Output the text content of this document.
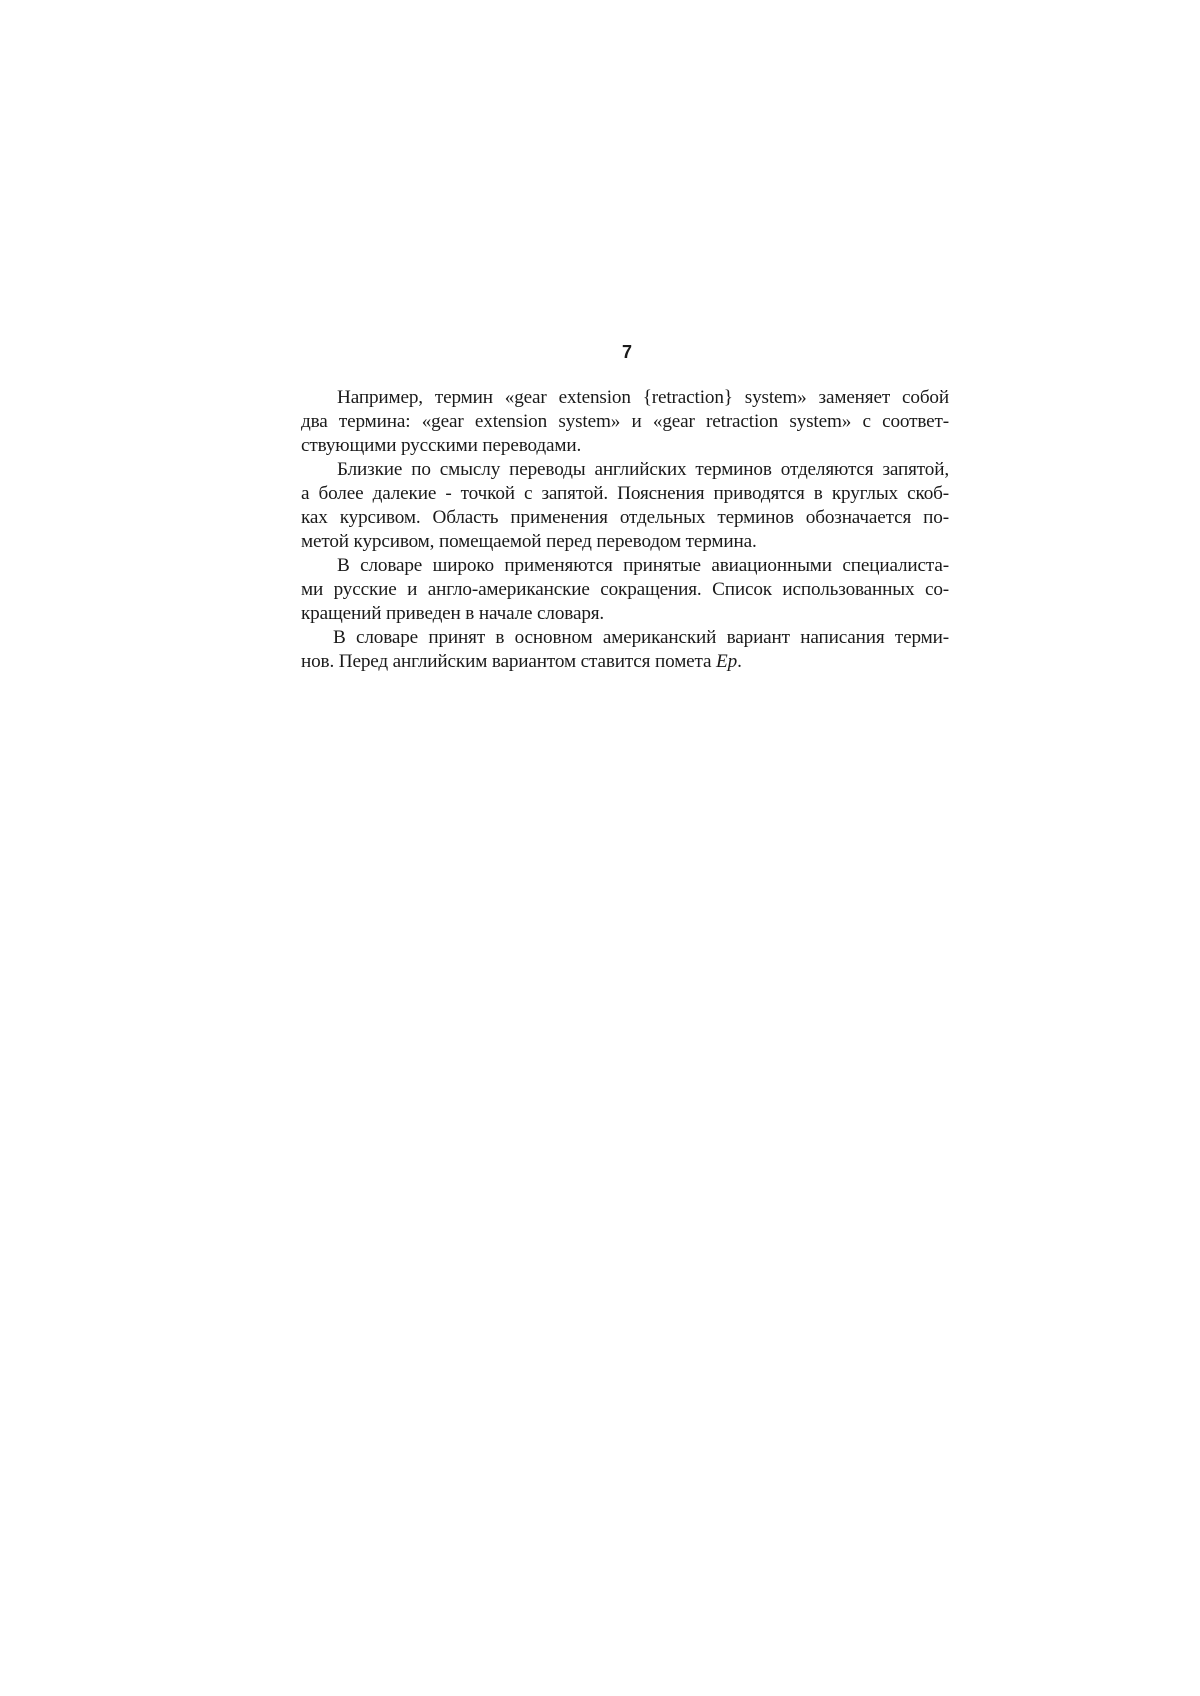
7

Например, термин «gear extension {retraction} system» заменяет собой
два термина: «gear extension system» и «gear retraction system» с соответ-
ствующими русскими переводами.

Близкие по смыслу переводы английских терминов отделяются запятой,
а более далекие - точкой с запятой. Пояснения приводятся в круглых скоб-
ках курсивом. Область применения отдельных терминов обозначается по-
метой курсивом, помещаемой перед переводом термина.

В словаре широко применяются принятые авиационными специалиста-
ми русские и англо-американские сокращения. Список использованных со-
кращений приведен в начале словаря.

В словаре принят в основном американский вариант написания терми-
нов. Перед английским вариантом ставится помета Ep.
